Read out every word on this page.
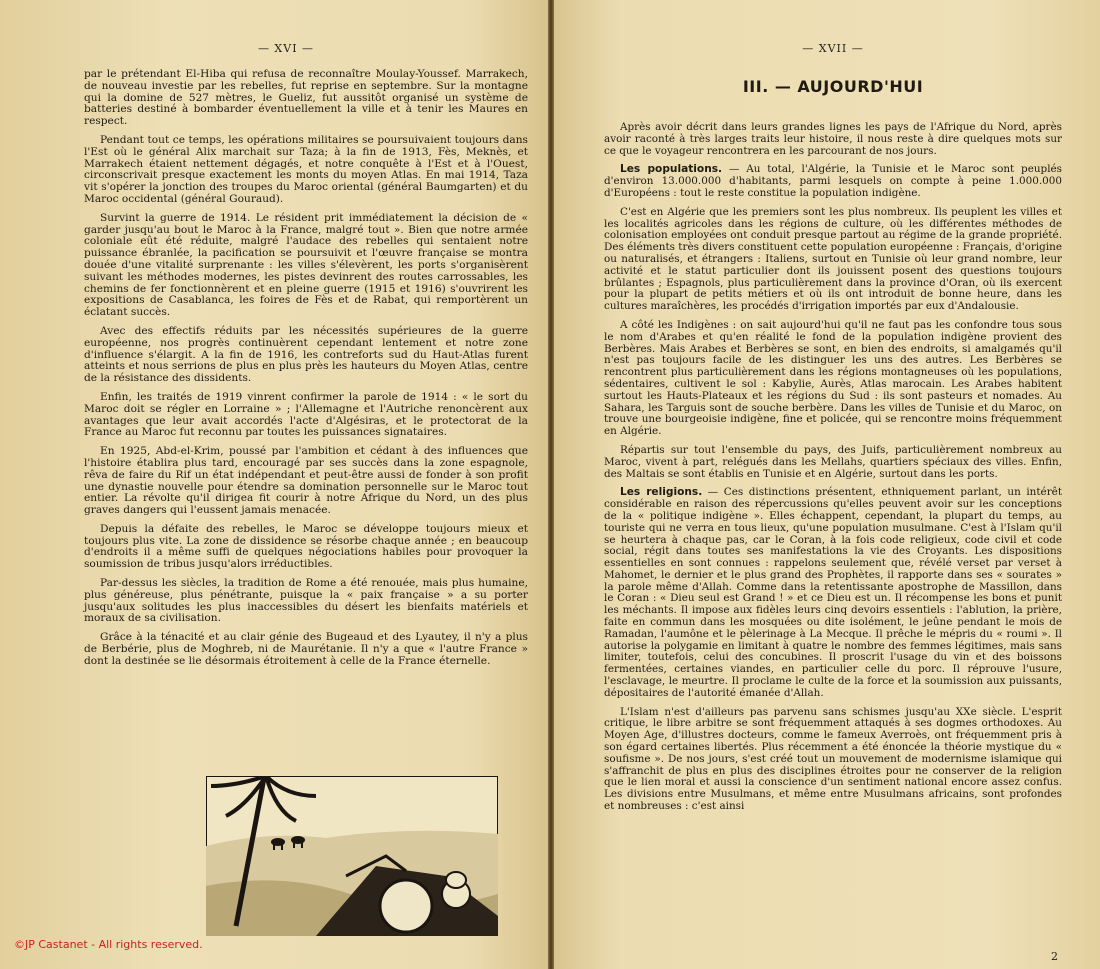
— XVI —

par le prétendant El-Hiba qui refusa de reconnaître Moulay-Youssef. Marrakech, de nouveau investie par les rebelles, fut reprise en septembre. Sur la montagne qui la domine de 527 mètres, le Gueliz, fut aussitôt organisé un système de batteries destiné à bombarder éventuellement la ville et à tenir les Maures en respect.

Pendant tout ce temps, les opérations militaires se poursuivaient toujours dans l'Est où le général Alix marchait sur Taza; à la fin de 1913, Fès, Meknès, et Marrakech étaient nettement dégagés, et notre conquête à l'Est et à l'Ouest, circonscrivait presque exactement les monts du moyen Atlas. En mai 1914, Taza vit s'opérer la jonction des troupes du Maroc oriental (général Baumgarten) et du Maroc occidental (général Gouraud).

Survint la guerre de 1914. Le résident prit immédiatement la décision de « garder jusqu'au bout le Maroc à la France, malgré tout ». Bien que notre armée coloniale eût été réduite, malgré l'audace des rebelles qui sentaient notre puissance ébranlée, la pacification se poursuivit et l'œuvre française se montra douée d'une vitalité surprenante : les villes s'élevèrent, les ports s'organisèrent suivant les méthodes modernes, les pistes devinrent des routes carrossables, les chemins de fer fonctionnèrent et en pleine guerre (1915 et 1916) s'ouvrirent les expositions de Casablanca, les foires de Fès et de Rabat, qui remportèrent un éclatant succès.

Avec des effectifs réduits par les nécessités supérieures de la guerre européenne, nos progrès continuèrent cependant lentement et notre zone d'influence s'élargit. A la fin de 1916, les contreforts sud du Haut-Atlas furent atteints et nous serrions de plus en plus près les hauteurs du Moyen Atlas, centre de la résistance des dissidents.

Enfin, les traités de 1919 vinrent confirmer la parole de 1914 : « le sort du Maroc doit se régler en Lorraine » ; l'Allemagne et l'Autriche renoncèrent aux avantages que leur avait accordés l'acte d'Algésiras, et le protectorat de la France au Maroc fut reconnu par toutes les puissances signataires.

En 1925, Abd-el-Krim, poussé par l'ambition et cédant à des influences que l'histoire établira plus tard, encouragé par ses succès dans la zone espagnole, rêva de faire du Rif un état indépendant et peut-être aussi de fonder à son profit une dynastie nouvelle pour étendre sa domination personnelle sur le Maroc tout entier. La révolte qu'il dirigea fit courir à notre Afrique du Nord, un des plus graves dangers qui l'eussent jamais menacée.

Depuis la défaite des rebelles, le Maroc se développe toujours mieux et toujours plus vite. La zone de dissidence se résorbe chaque année ; en beaucoup d'endroits il a même suffi de quelques négociations habiles pour provoquer la soumission de tribus jusqu'alors irréductibles.

Par-dessus les siècles, la tradition de Rome a été renouée, mais plus humaine, plus généreuse, plus pénétrante, puisque la « paix française » a su porter jusqu'aux solitudes les plus inaccessibles du désert les bienfaits matériels et moraux de sa civilisation.

Grâce à la ténacité et au clair génie des Bugeaud et des Lyautey, il n'y a plus de Berbérie, plus de Moghreb, ni de Maurétanie. Il n'y a que « l'autre France » dont la destinée se lie désormais étroitement à celle de la France éternelle.

©JP Castanet - All rights reserved.
— XVII —
III. — AUJOURD'HUI

Après avoir décrit dans leurs grandes lignes les pays de l'Afrique du Nord, après avoir raconté à très larges traits leur histoire, il nous reste à dire quelques mots sur ce que le voyageur rencontrera en les parcourant de nos jours.

Les populations. — Au total, l'Algérie, la Tunisie et le Maroc sont peuplés d'environ 13.000.000 d'habitants, parmi lesquels on compte à peine 1.000.000 d'Européens : tout le reste constitue la population indigène.

C'est en Algérie que les premiers sont les plus nombreux. Ils peuplent les villes et les localités agricoles dans les régions de culture, où les différentes méthodes de colonisation employées ont conduit presque partout au régime de la grande propriété. Des éléments très divers constituent cette population européenne : Français, d'origine ou naturalisés, et étrangers : Italiens, surtout en Tunisie où leur grand nombre, leur activité et le statut particulier dont ils jouissent posent des questions toujours brûlantes ; Espagnols, plus particulièrement dans la province d'Oran, où ils exercent pour la plupart de petits métiers et où ils ont introduit de bonne heure, dans les cultures maraîchères, les procédés d'irrigation importés par eux d'Andalousie.

A côté les Indigènes : on sait aujourd'hui qu'il ne faut pas les confondre tous sous le nom d'Arabes et qu'en réalité le fond de la population indigène provient des Berbères. Mais Arabes et Berbères se sont, en bien des endroits, si amalgamés qu'il n'est pas toujours facile de les distinguer les uns des autres. Les Berbères se rencontrent plus particulièrement dans les régions montagneuses où les populations, sédentaires, cultivent le sol : Kabylie, Aurès, Atlas marocain. Les Arabes habitent surtout les Hauts-Plateaux et les régions du Sud : ils sont pasteurs et nomades. Au Sahara, les Targuis sont de souche berbère. Dans les villes de Tunisie et du Maroc, on trouve une bourgeoisie indigène, fine et policée, qui se rencontre moins fréquemment en Algérie.

Répartis sur tout l'ensemble du pays, des Juifs, particulièrement nombreux au Maroc, vivent à part, relégués dans les Mellahs, quartiers spéciaux des villes. Enfin, des Maltais se sont établis en Tunisie et en Algérie, surtout dans les ports.

Les religions. — Ces distinctions présentent, ethniquement parlant, un intérêt considérable en raison des répercussions qu'elles peuvent avoir sur les conceptions de la « politique indigène ». Elles échappent, cependant, la plupart du temps, au touriste qui ne verra en tous lieux, qu'une population musulmane. C'est à l'Islam qu'il se heurtera à chaque pas, car le Coran, à la fois code religieux, code civil et code social, régit dans toutes ses manifestations la vie des Croyants. Les dispositions essentielles en sont connues : rappelons seulement que, révélé verset par verset à Mahomet, le dernier et le plus grand des Prophètes, il rapporte dans ses « sourates » la parole même d'Allah. Comme dans la retentissante apostrophe de Massillon, dans le Coran : « Dieu seul est Grand ! » et ce Dieu est un. Il récompense les bons et punit les méchants. Il impose aux fidèles leurs cinq devoirs essentiels : l'ablution, la prière, faite en commun dans les mosquées ou dite isolément, le jeûne pendant le mois de Ramadan, l'aumône et le pèlerinage à La Mecque. Il prêche le mépris du « roumi ». Il autorise la polygamie en limitant à quatre le nombre des femmes légitimes, mais sans limiter, toutefois, celui des concubines. Il proscrit l'usage du vin et des boissons fermentées, certaines viandes, en particulier celle du porc. Il réprouve l'usure, l'esclavage, le meurtre. Il proclame le culte de la force et la soumission aux puissants, dépositaires de l'autorité émanée d'Allah.

L'Islam n'est d'ailleurs pas parvenu sans schismes jusqu'au XXe siècle. L'esprit critique, le libre arbitre se sont fréquemment attaqués à ses dogmes orthodoxes. Au Moyen Age, d'illustres docteurs, comme le fameux Averroès, ont fréquemment pris à son égard certaines libertés. Plus récemment a été énoncée la théorie mystique du « soufisme ». De nos jours, s'est créé tout un mouvement de modernisme islamique qui s'affranchit de plus en plus des disciplines étroites pour ne conserver de la religion que le lien moral et aussi la conscience d'un sentiment national encore assez confus. Les divisions entre Musulmans, et même entre Musulmans africains, sont profondes et nombreuses : c'est ainsi

2
